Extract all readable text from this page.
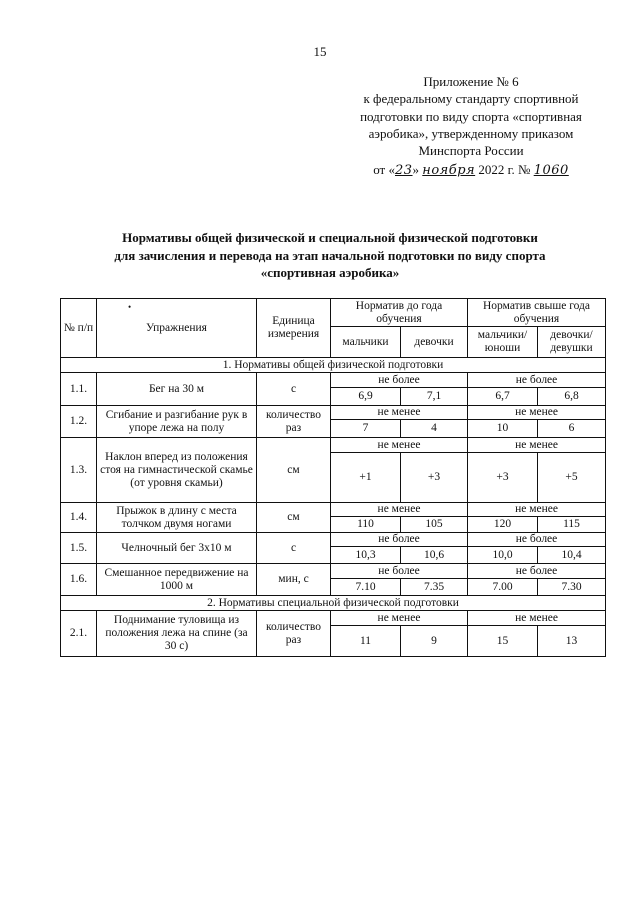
15
Приложение № 6
к федеральному стандарту спортивной
подготовки по виду спорта «спортивная
аэробика», утвержденному приказом
Минспорта России
от «23» ноября 2022 г. № 1060
Нормативы общей физической и специальной физической подготовки
для зачисления и перевода на этап начальной подготовки по виду спорта
«спортивная аэробика»
•
№ п/п	Упражнения	Единица измерения	Норматив до года обучения		Норматив свыше года обучения	
			мальчики	девочки	мальчики/ юноши	девочки/ девушки
1. Нормативы общей физической подготовки						
1.1.	Бег на 30 м	с	не более		не более	
			6,9	7,1	6,7	6,8
1.2.	Сгибание и разгибание рук в упоре лежа на полу	количество раз	не менее		не менее	
			7	4	10	6
1.3.	Наклон вперед из положения стоя на гимнастической скамье (от уровня скамьи)	см	не менее		не менее	
			+1	+3	+3	+5
1.4.	Прыжок в длину с места толчком двумя ногами	см	не менее		не менее	
			110	105	120	115
1.5.	Челночный бег 3х10 м	с	не более		не более	
			10,3	10,6	10,0	10,4
1.6.	Смешанное передвижение на 1000 м	мин, с	не более		не более	
			7.10	7.35	7.00	7.30
2. Нормативы специальной физической подготовки						
2.1.	Поднимание туловища из положения лежа на спине (за 30 с)	количество раз	не менее		не менее	
			11	9	15	13
